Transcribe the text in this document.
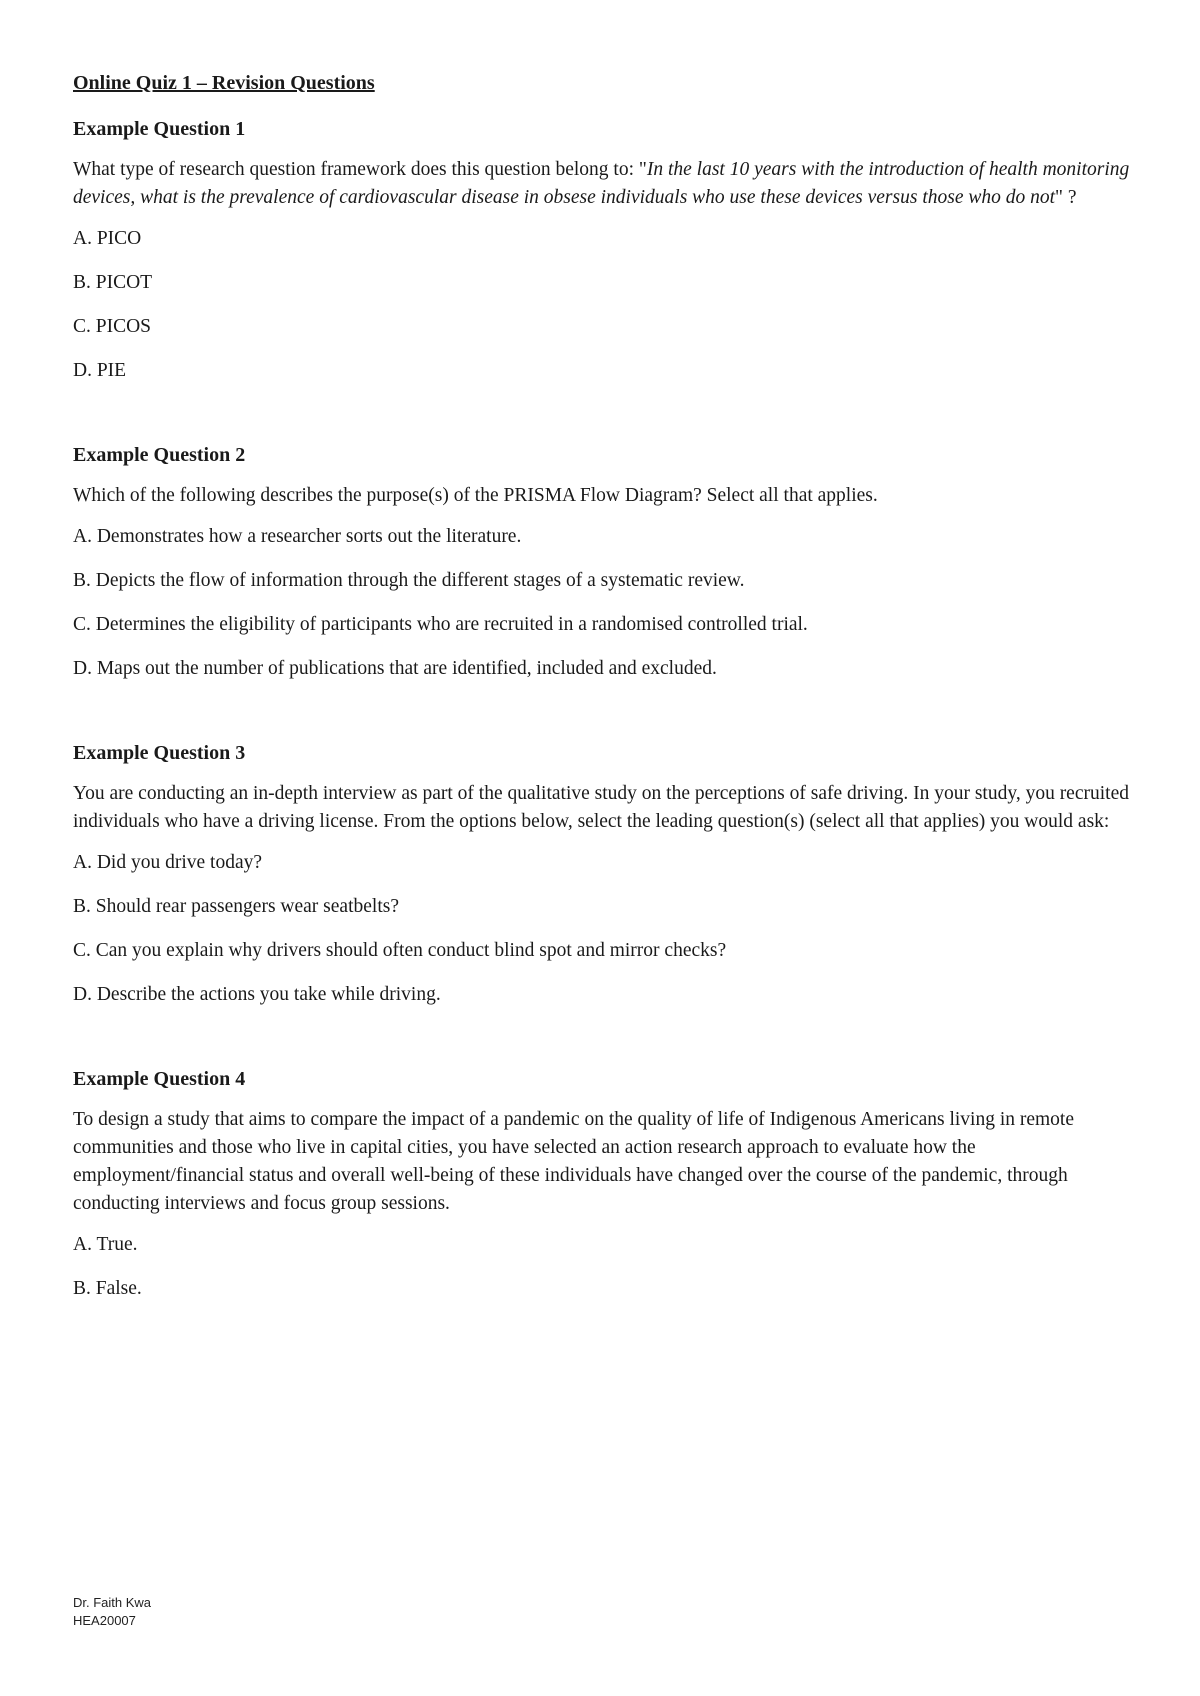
Online Quiz 1 – Revision Questions
Example Question 1
What type of research question framework does this question belong to: "In the last 10 years with the introduction of health monitoring devices, what is the prevalence of cardiovascular disease in obsese individuals who use these devices versus those who do not" ?
A. PICO
B. PICOT
C. PICOS
D. PIE
Example Question 2
Which of the following describes the purpose(s) of the PRISMA Flow Diagram? Select all that applies.
A. Demonstrates how a researcher sorts out the literature.
B. Depicts the flow of information through the different stages of a systematic review.
C. Determines the eligibility of participants who are recruited in a randomised controlled trial.
D. Maps out the number of publications that are identified, included and excluded.
Example Question 3
You are conducting an in-depth interview as part of the qualitative study on the perceptions of safe driving. In your study, you recruited individuals who have a driving license. From the options below, select the leading question(s) (select all that applies) you would ask:
A. Did you drive today?
B. Should rear passengers wear seatbelts?
C. Can you explain why drivers should often conduct blind spot and mirror checks?
D. Describe the actions you take while driving.
Example Question 4
To design a study that aims to compare the impact of a pandemic on the quality of life of Indigenous Americans living in remote communities and those who live in capital cities, you have selected an action research approach to evaluate how the employment/financial status and overall well-being of these individuals have changed over the course of the pandemic, through conducting interviews and focus group sessions.
A. True.
B. False.
Dr. Faith Kwa
HEA20007
